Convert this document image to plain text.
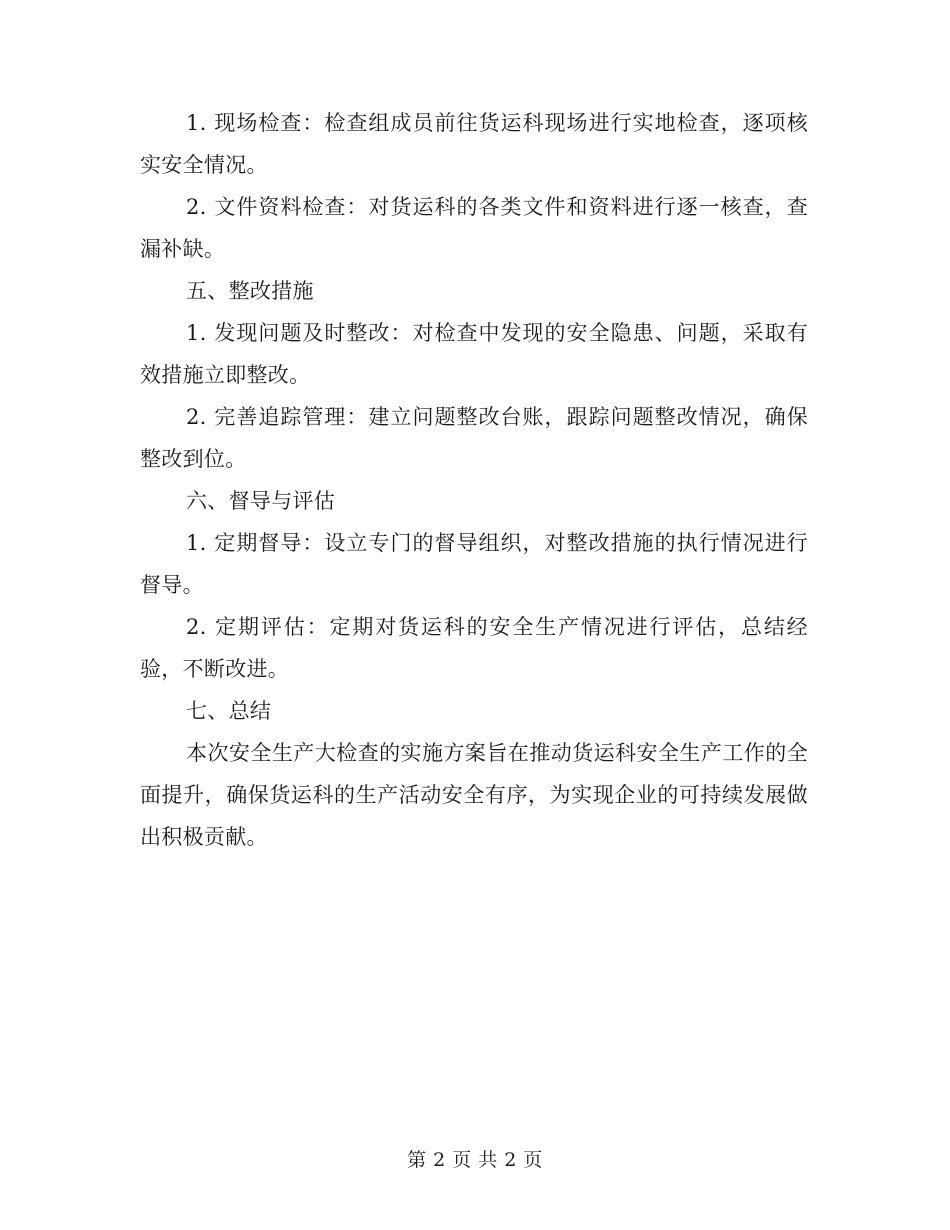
1. 现场检查：检查组成员前往货运科现场进行实地检查，逐项核实安全情况。

2. 文件资料检查：对货运科的各类文件和资料进行逐一核查，查漏补缺。

五、整改措施

1. 发现问题及时整改：对检查中发现的安全隐患、问题，采取有效措施立即整改。

2. 完善追踪管理：建立问题整改台账，跟踪问题整改情况，确保整改到位。

六、督导与评估

1. 定期督导：设立专门的督导组织，对整改措施的执行情况进行督导。

2. 定期评估：定期对货运科的安全生产情况进行评估，总结经验，不断改进。

七、总结

本次安全生产大检查的实施方案旨在推动货运科安全生产工作的全面提升，确保货运科的生产活动安全有序，为实现企业的可持续发展做出积极贡献。

第 2 页 共 2 页
